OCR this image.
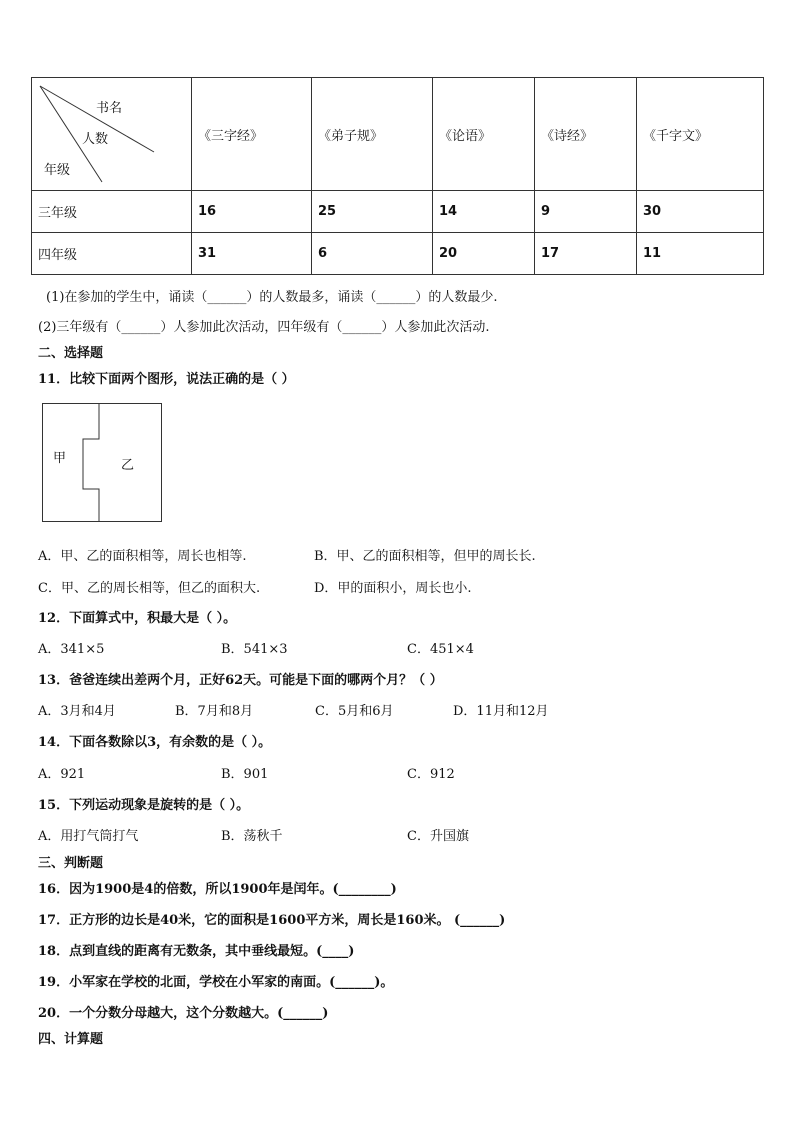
书名
人数
年级	《三字经》	《弟子规》	《论语》	《诗经》	《千字文》
三年级	16	25	14	9	30
四年级	31	6	20	17	11
(1)在参加的学生中，诵读（______）的人数最多，诵读（______）的人数最少.
(2)三年级有（______）人参加此次活动，四年级有（______）人参加此次活动.
二、选择题
11．比较下面两个图形，说法正确的是（ ）
甲	乙
A．甲、乙的面积相等，周长也相等.	B．甲、乙的面积相等，但甲的周长长.
C．甲、乙的周长相等，但乙的面积大.	D．甲的面积小，周长也小.
12．下面算式中，积最大是（ ）。
A．341×5	B．541×3	C．451×4
13．爸爸连续出差两个月，正好62天。可能是下面的哪两个月？（ ）
A．3月和4月	B．7月和8月	C．5月和6月	D．11月和12月
14．下面各数除以3，有余数的是（ ）。
A．921	B．901	C．912
15．下列运动现象是旋转的是（ ）。
A．用打气筒打气	B．荡秋千	C．升国旗
三、判断题
16．因为1900是4的倍数，所以1900年是闰年。(________)
17．正方形的边长是40米，它的面积是1600平方米，周长是160米。 (______)
18．点到直线的距离有无数条，其中垂线最短。(____)
19．小军家在学校的北面，学校在小军家的南面。(______)。
20．一个分数分母越大，这个分数越大。(______)
四、计算题
